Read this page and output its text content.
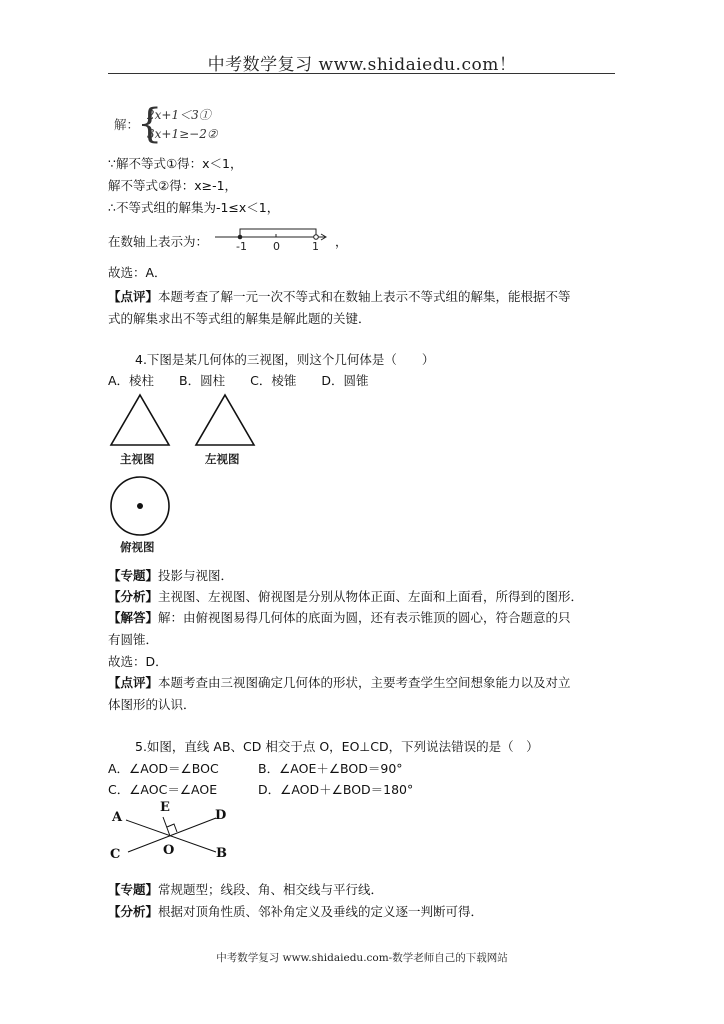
中考数学复习 www.shidaiedu.com！
解：
{
2x+1＜3①
3x+1≥−2②
∵解不等式①得：x＜1，
解不等式②得：x≥-1，
∴不等式组的解集为-1≤x＜1，
在数轴上表示为：	-1 0	1 ，
故选：A．
【点评】本题考查了解一元一次不等式和在数轴上表示不等式组的解集，能根据不等
式的解集求出不等式组的解集是解此题的关键．
4.下图是某几何体的三视图，则这个几何体是（　　）
A．棱柱　　B．圆柱　　C．棱锥　　D．圆锥
主视图	左视图
俯视图
【专题】投影与视图．
【分析】主视图、左视图、俯视图是分别从物体正面、左面和上面看，所得到的图形．
【解答】解：由俯视图易得几何体的底面为圆，还有表示锥顶的圆心，符合题意的只
有圆锥．
故选：D．
【点评】本题考查由三视图确定几何体的形状，主要考查学生空间想象能力以及对立
体图形的认识．
5.如图，直线 AB、CD 相交于点 O，EO⊥CD，下列说法错误的是（　）
A．∠AOD＝∠BOC	B．∠AOE＋∠BOD＝90°
C．∠AOC＝∠AOE	D．∠AOD＋∠BOD＝180°
A
E
D
C	O	B
【专题】常规题型；线段、角、相交线与平行线．
【分析】根据对顶角性质、邻补角定义及垂线的定义逐一判断可得．
中考数学复习 www.shidaiedu.com-数学老师自己的下载网站
